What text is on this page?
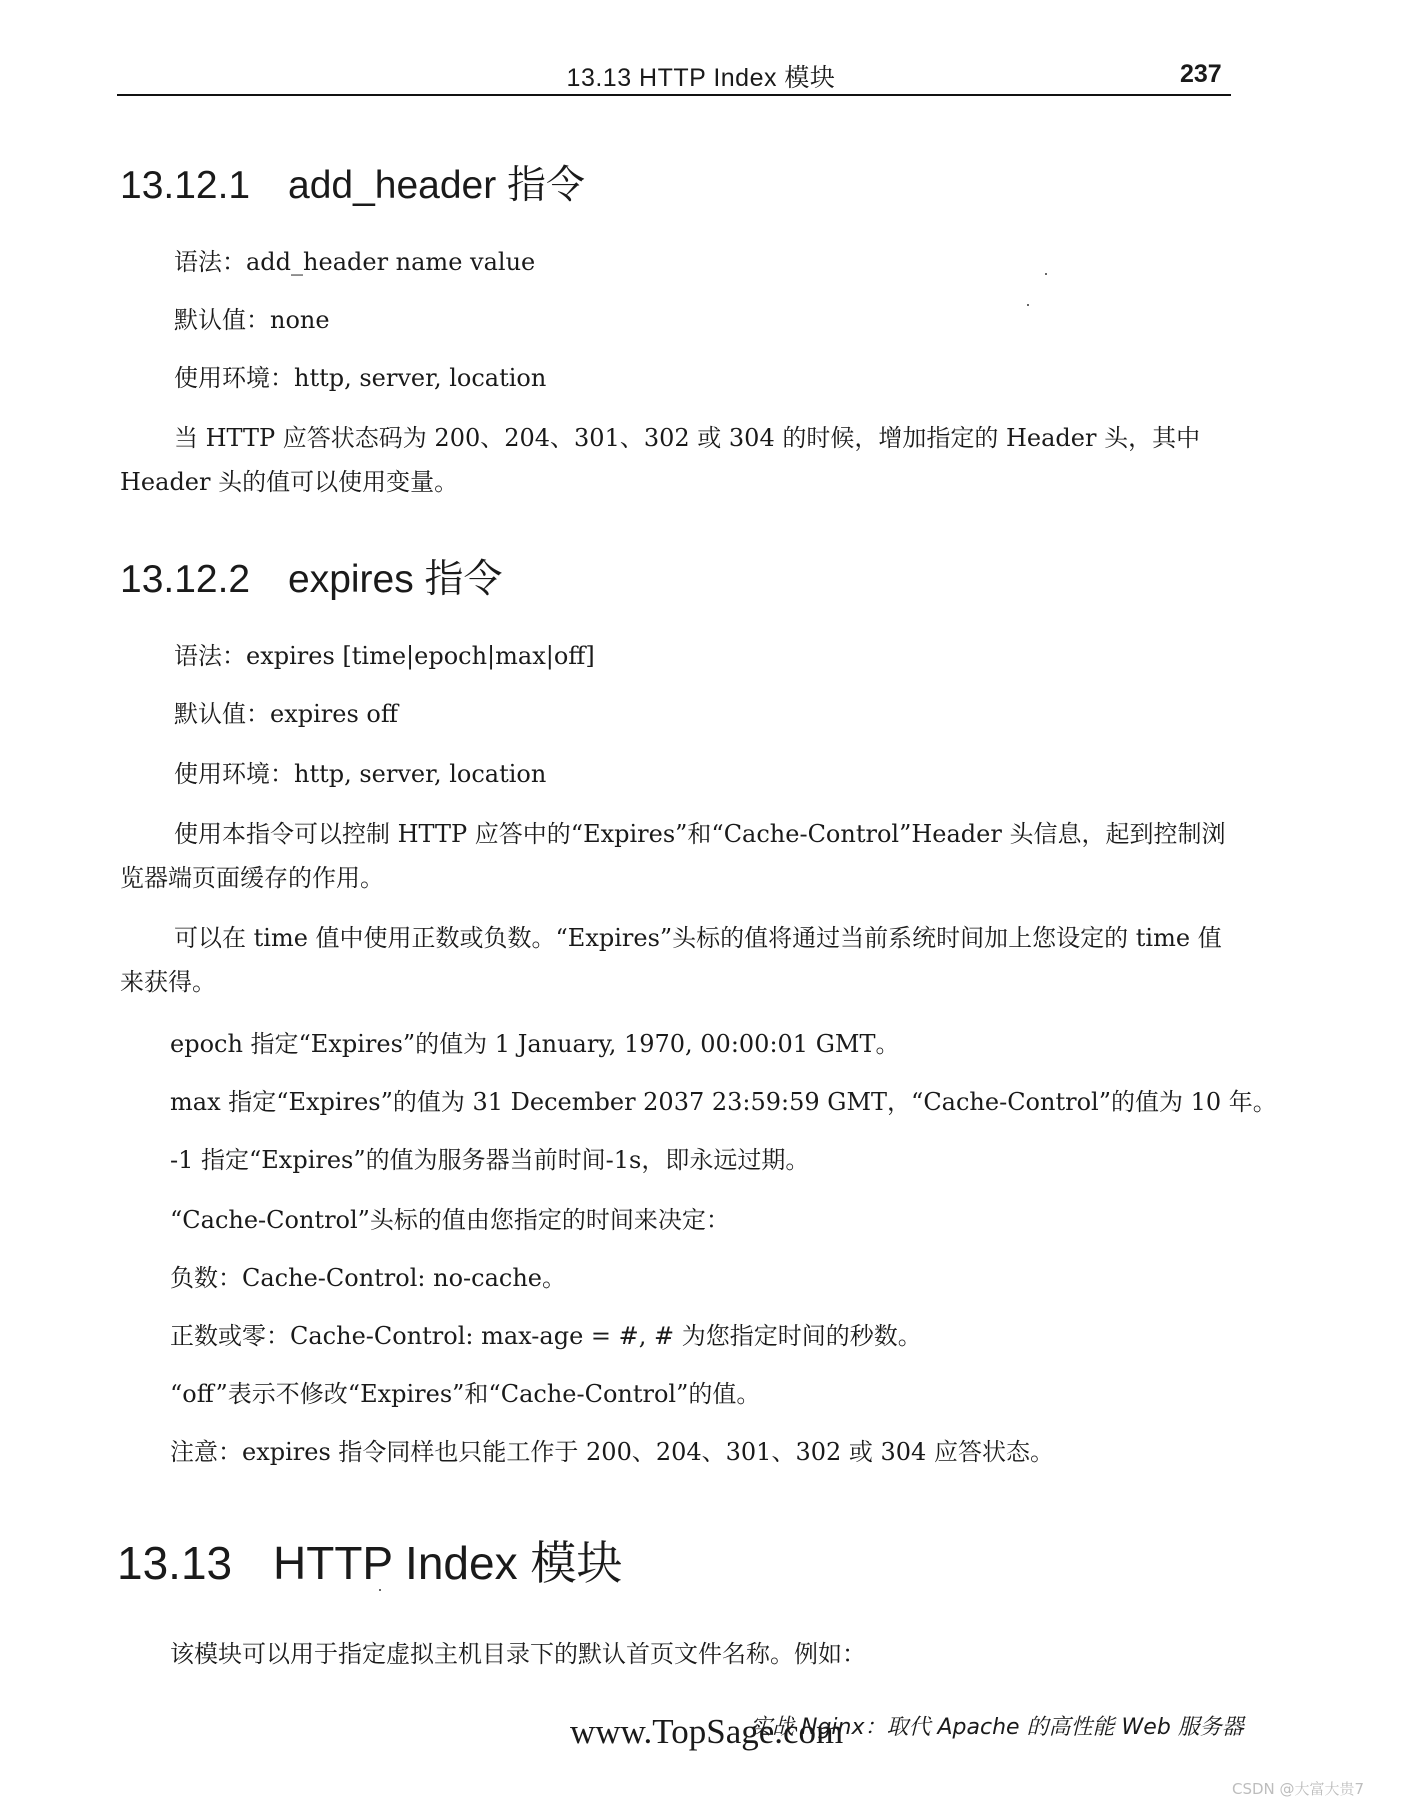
13.13 HTTP Index 模块	237
13.12.1 add_header 指令
语法：add_header name value
默认值：none
使用环境：http, server, location
当 HTTP 应答状态码为 200、204、301、302 或 304 的时候，增加指定的 Header 头，其中 Header 头的值可以使用变量。
13.12.2 expires 指令
语法：expires [time|epoch|max|off]
默认值：expires off
使用环境：http, server, location
使用本指令可以控制 HTTP 应答中的“Expires”和“Cache-Control”Header 头信息，起到控制浏览器端页面缓存的作用。
可以在 time 值中使用正数或负数。“Expires”头标的值将通过当前系统时间加上您设定的 time 值来获得。
epoch 指定“Expires”的值为 1 January, 1970, 00:00:01 GMT。
max 指定“Expires”的值为 31 December 2037 23:59:59 GMT，“Cache-Control”的值为 10 年。
-1 指定“Expires”的值为服务器当前时间-1s，即永远过期。
“Cache-Control”头标的值由您指定的时间来决定：
负数：Cache-Control: no-cache。
正数或零：Cache-Control: max-age = #, # 为您指定时间的秒数。
“off”表示不修改“Expires”和“Cache-Control”的值。
注意：expires 指令同样也只能工作于 200、204、301、302 或 304 应答状态。
13.13 HTTP Index 模块
该模块可以用于指定虚拟主机目录下的默认首页文件名称。例如：
www.TopSage.com
实战 Nginx：取代 Apache 的高性能 Web 服务器
CSDN @大富大贵7
